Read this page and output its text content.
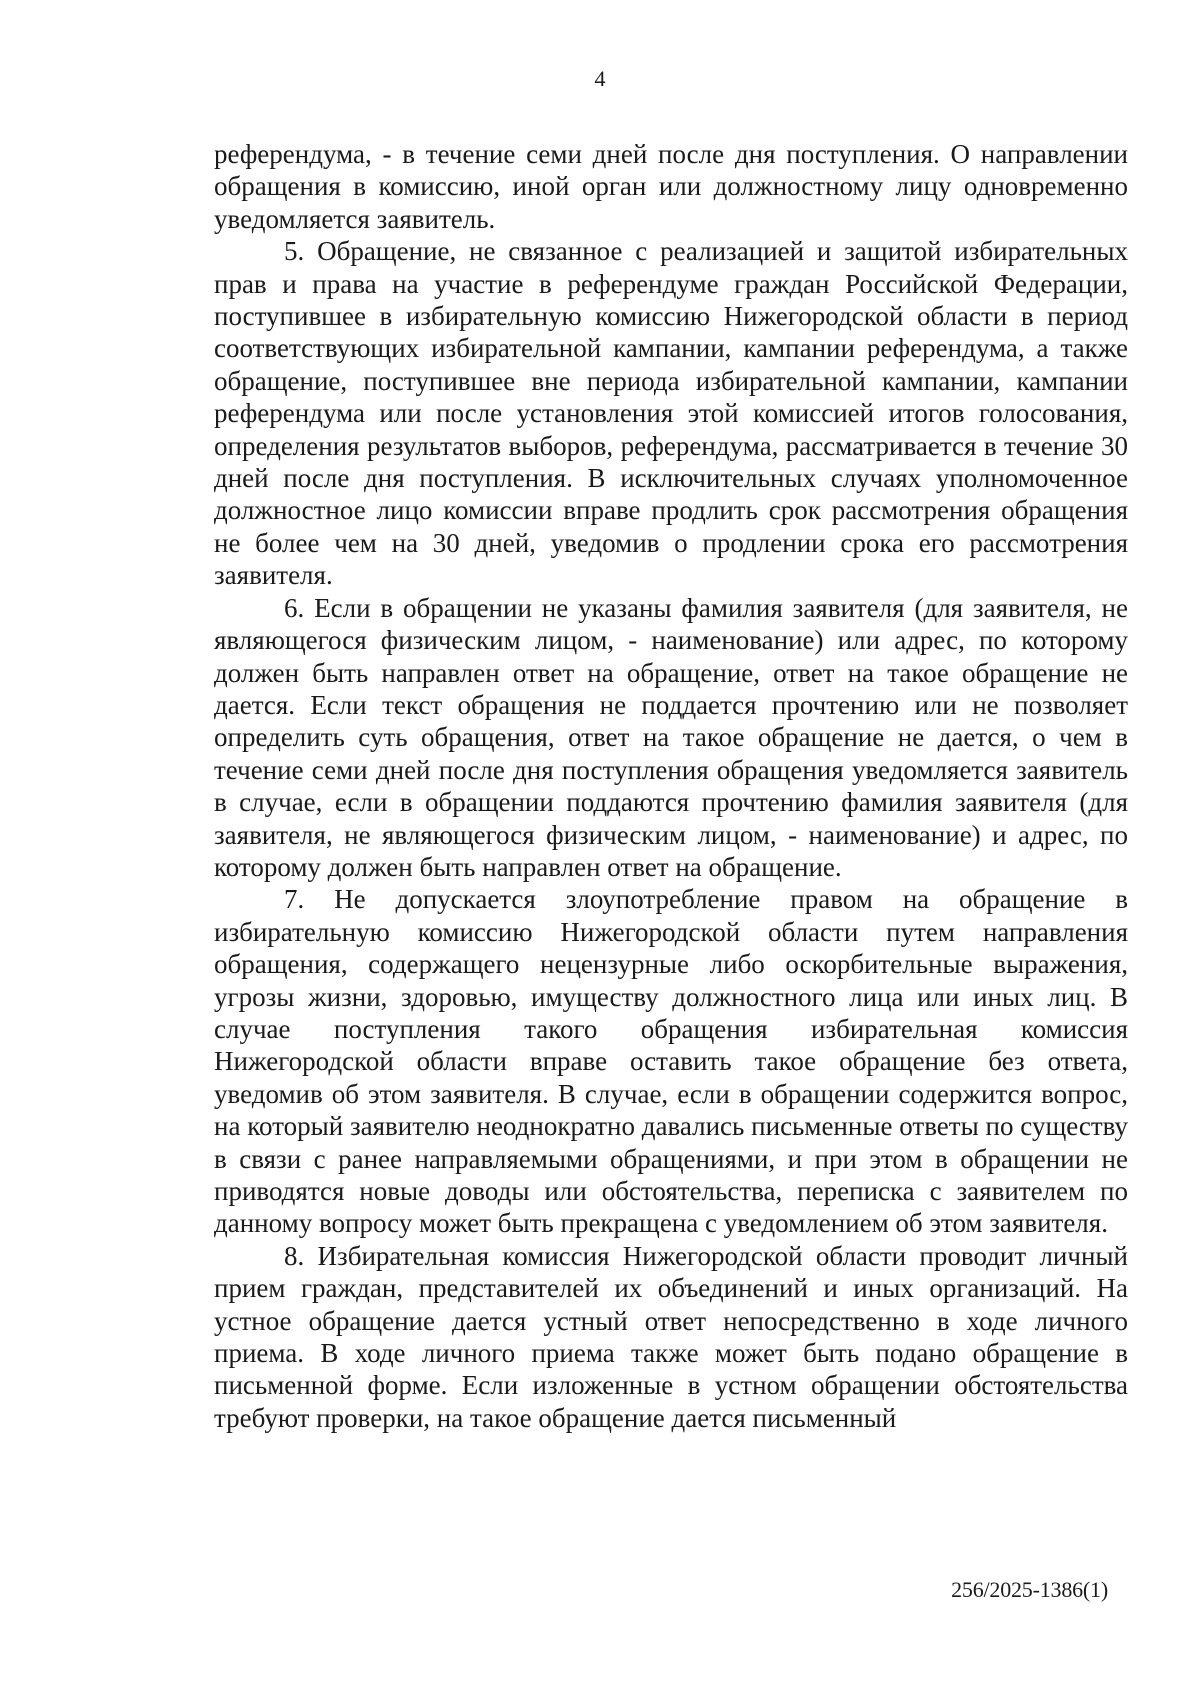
4

референдума, - в течение семи дней после дня поступления. О направлении обращения в комиссию, иной орган или должностному лицу одновременно уведомляется заявитель.

5. Обращение, не связанное с реализацией и защитой избирательных прав и права на участие в референдуме граждан Российской Федерации, поступившее в избирательную комиссию Нижегородской области в период соответствующих избирательной кампании, кампании референдума, а также обращение, поступившее вне периода избирательной кампании, кампании референдума или после установления этой комиссией итогов голосования, определения результатов выборов, референдума, рассматривается в течение 30 дней после дня поступления. В исключительных случаях уполномоченное должностное лицо комиссии вправе продлить срок рассмотрения обращения не более чем на 30 дней, уведомив о продлении срока его рассмотрения заявителя.

6. Если в обращении не указаны фамилия заявителя (для заявителя, не являющегося физическим лицом, - наименование) или адрес, по которому должен быть направлен ответ на обращение, ответ на такое обращение не дается. Если текст обращения не поддается прочтению или не позволяет определить суть обращения, ответ на такое обращение не дается, о чем в течение семи дней после дня поступления обращения уведомляется заявитель в случае, если в обращении поддаются прочтению фамилия заявителя (для заявителя, не являющегося физическим лицом, - наименование) и адрес, по которому должен быть направлен ответ на обращение.

7. Не допускается злоупотребление правом на обращение в избирательную комиссию Нижегородской области путем направления обращения, содержащего нецензурные либо оскорбительные выражения, угрозы жизни, здоровью, имуществу должностного лица или иных лиц. В случае поступления такого обращения избирательная комиссия Нижегородской области вправе оставить такое обращение без ответа, уведомив об этом заявителя. В случае, если в обращении содержится вопрос, на который заявителю неоднократно давались письменные ответы по существу в связи с ранее направляемыми обращениями, и при этом в обращении не приводятся новые доводы или обстоятельства, переписка с заявителем по данному вопросу может быть прекращена с уведомлением об этом заявителя.

8. Избирательная комиссия Нижегородской области проводит личный прием граждан, представителей их объединений и иных организаций. На устное обращение дается устный ответ непосредственно в ходе личного приема. В ходе личного приема также может быть подано обращение в письменной форме. Если изложенные в устном обращении обстоятельства требуют проверки, на такое обращение дается письменный

256/2025-1386(1)
